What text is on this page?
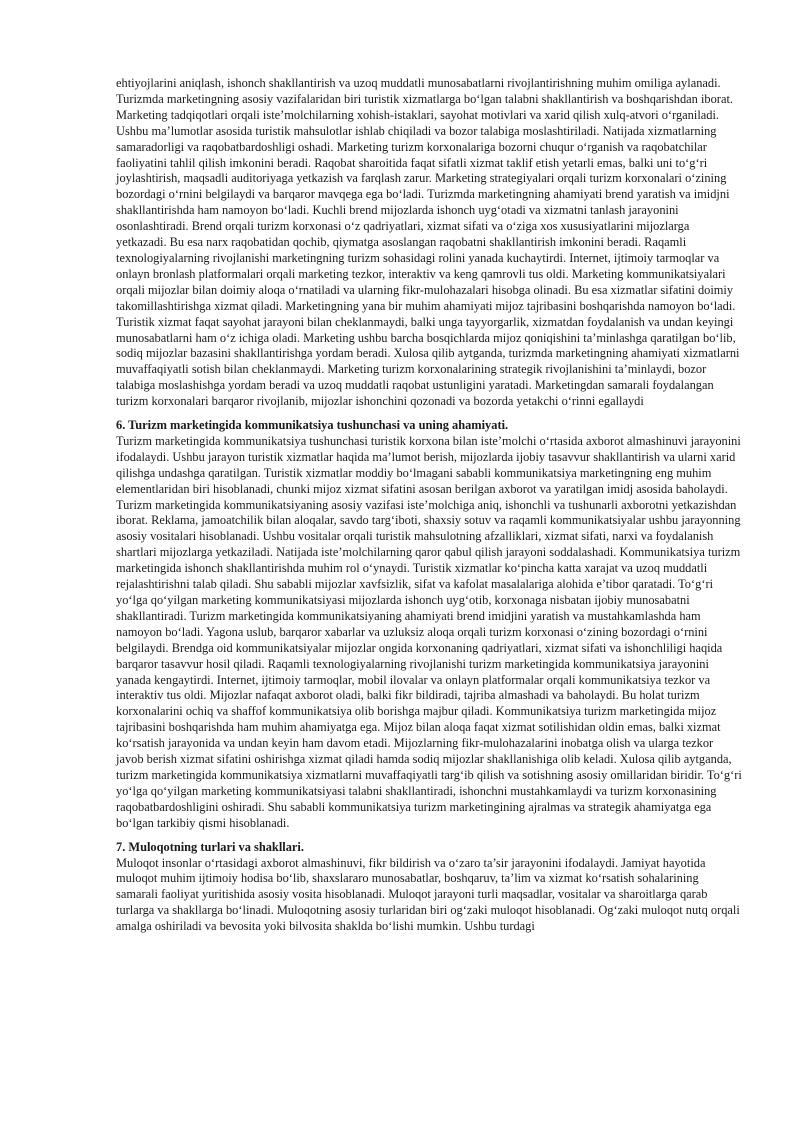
ehtiyojlarini aniqlash, ishonch shakllantirish va uzoq muddatli munosabatlarni rivojlantirishning muhim omiliga aylanadi. Turizmda marketingning asosiy vazifalaridan biri turistik xizmatlarga bo‘lgan talabni shakllantirish va boshqarishdan iborat. Marketing tadqiqotlari orqali iste’molchilarning xohish-istaklari, sayohat motivlari va xarid qilish xulq-atvori o‘rganiladi. Ushbu ma’lumotlar asosida turistik mahsulotlar ishlab chiqiladi va bozor talabiga moslashtiriladi. Natijada xizmatlarning samaradorligi va raqobatbardoshligi oshadi. Marketing turizm korxonalariga bozorni chuqur o‘rganish va raqobatchilar faoliyatini tahlil qilish imkonini beradi. Raqobat sharoitida faqat sifatli xizmat taklif etish yetarli emas, balki uni to‘g‘ri joylashtirish, maqsadli auditoriyaga yetkazish va farqlash zarur. Marketing strategiyalari orqali turizm korxonalari o‘zining bozordagi o‘rnini belgilaydi va barqaror mavqega ega bo‘ladi. Turizmda marketingning ahamiyati brend yaratish va imidjni shakllantirishda ham namoyon bo‘ladi. Kuchli brend mijozlarda ishonch uyg‘otadi va xizmatni tanlash jarayonini osonlashtiradi. Brend orqali turizm korxonasi o‘z qadriyatlari, xizmat sifati va o‘ziga xos xususiyatlarini mijozlarga yetkazadi. Bu esa narx raqobatidan qochib, qiymatga asoslangan raqobatni shakllantirish imkonini beradi. Raqamli texnologiyalarning rivojlanishi marketingning turizm sohasidagi rolini yanada kuchaytirdi. Internet, ijtimoiy tarmoqlar va onlayn bronlash platformalari orqali marketing tezkor, interaktiv va keng qamrovli tus oldi. Marketing kommunikatsiyalari orqali mijozlar bilan doimiy aloqa o‘rnatiladi va ularning fikr-mulohazalari hisobga olinadi. Bu esa xizmatlar sifatini doimiy takomillashtirishga xizmat qiladi. Marketingning yana bir muhim ahamiyati mijoz tajribasini boshqarishda namoyon bo‘ladi. Turistik xizmat faqat sayohat jarayoni bilan cheklanmaydi, balki unga tayyorgarlik, xizmatdan foydalanish va undan keyingi munosabatlarni ham o‘z ichiga oladi. Marketing ushbu barcha bosqichlarda mijoz qoniqishini ta’minlashga qaratilgan bo‘lib, sodiq mijozlar bazasini shakllantirishga yordam beradi. Xulosa qilib aytganda, turizmda marketingning ahamiyati xizmatlarni muvaffaqiyatli sotish bilan cheklanmaydi. Marketing turizm korxonalarining strategik rivojlanishini ta’minlaydi, bozor talabiga moslashishga yordam beradi va uzoq muddatli raqobat ustunligini yaratadi. Marketingdan samarali foydalangan turizm korxonalari barqaror rivojlanib, mijozlar ishonchini qozonadi va bozorda yetakchi o‘rinni egallaydi

6. Turizm marketingida kommunikatsiya tushunchasi va uning ahamiyati.

Turizm marketingida kommunikatsiya tushunchasi turistik korxona bilan iste’molchi o‘rtasida axborot almashinuvi jarayonini ifodalaydi. Ushbu jarayon turistik xizmatlar haqida ma’lumot berish, mijozlarda ijobiy tasavvur shakllantirish va ularni xarid qilishga undashga qaratilgan. Turistik xizmatlar moddiy bo‘lmagani sababli kommunikatsiya marketingning eng muhim elementlaridan biri hisoblanadi, chunki mijoz xizmat sifatini asosan berilgan axborot va yaratilgan imidj asosida baholaydi. Turizm marketingida kommunikatsiyaning asosiy vazifasi iste’molchiga aniq, ishonchli va tushunarli axborotni yetkazishdan iborat. Reklama, jamoatchilik bilan aloqalar, savdo targ‘iboti, shaxsiy sotuv va raqamli kommunikatsiyalar ushbu jarayonning asosiy vositalari hisoblanadi. Ushbu vositalar orqali turistik mahsulotning afzalliklari, xizmat sifati, narxi va foydalanish shartlari mijozlarga yetkaziladi. Natijada iste’molchilarning qaror qabul qilish jarayoni soddalashadi. Kommunikatsiya turizm marketingida ishonch shakllantirishda muhim rol o‘ynaydi. Turistik xizmatlar ko‘pincha katta xarajat va uzoq muddatli rejalashtirishni talab qiladi. Shu sababli mijozlar xavfsizlik, sifat va kafolat masalalariga alohida e’tibor qaratadi. To‘g‘ri yo‘lga qo‘yilgan marketing kommunikatsiyasi mijozlarda ishonch uyg‘otib, korxonaga nisbatan ijobiy munosabatni shakllantiradi. Turizm marketingida kommunikatsiyaning ahamiyati brend imidjini yaratish va mustahkamlashda ham namoyon bo‘ladi. Yagona uslub, barqaror xabarlar va uzluksiz aloqa orqali turizm korxonasi o‘zining bozordagi o‘rnini belgilaydi. Brendga oid kommunikatsiyalar mijozlar ongida korxonaning qadriyatlari, xizmat sifati va ishonchliligi haqida barqaror tasavvur hosil qiladi. Raqamli texnologiyalarning rivojlanishi turizm marketingida kommunikatsiya jarayonini yanada kengaytirdi. Internet, ijtimoiy tarmoqlar, mobil ilovalar va onlayn platformalar orqali kommunikatsiya tezkor va interaktiv tus oldi. Mijozlar nafaqat axborot oladi, balki fikr bildiradi, tajriba almashadi va baholaydi. Bu holat turizm korxonalarini ochiq va shaffof kommunikatsiya olib borishga majbur qiladi. Kommunikatsiya turizm marketingida mijoz tajribasini boshqarishda ham muhim ahamiyatga ega. Mijoz bilan aloqa faqat xizmat sotilishidan oldin emas, balki xizmat ko‘rsatish jarayonida va undan keyin ham davom etadi. Mijozlarning fikr-mulohazalarini inobatga olish va ularga tezkor javob berish xizmat sifatini oshirishga xizmat qiladi hamda sodiq mijozlar shakllanishiga olib keladi. Xulosa qilib aytganda, turizm marketingida kommunikatsiya xizmatlarni muvaffaqiyatli targ‘ib qilish va sotishning asosiy omillaridan biridir. To‘g‘ri yo‘lga qo‘yilgan marketing kommunikatsiyasi talabni shakllantiradi, ishonchni mustahkamlaydi va turizm korxonasining raqobatbardoshligini oshiradi. Shu sababli kommunikatsiya turizm marketingining ajralmas va strategik ahamiyatga ega bo‘lgan tarkibiy qismi hisoblanadi.

7. Muloqotning turlari va shakllari.

Muloqot insonlar o‘rtasidagi axborot almashinuvi, fikr bildirish va o‘zaro ta’sir jarayonini ifodalaydi. Jamiyat hayotida muloqot muhim ijtimoiy hodisa bo‘lib, shaxslararo munosabatlar, boshqaruv, ta’lim va xizmat ko‘rsatish sohalarining samarali faoliyat yuritishida asosiy vosita hisoblanadi. Muloqot jarayoni turli maqsadlar, vositalar va sharoitlarga qarab turlarga va shakllarga bo‘linadi. Muloqotning asosiy turlaridan biri og‘zaki muloqot hisoblanadi. Og‘zaki muloqot nutq orqali amalga oshiriladi va bevosita yoki bilvosita shaklda bo‘lishi mumkin. Ushbu turdagi
